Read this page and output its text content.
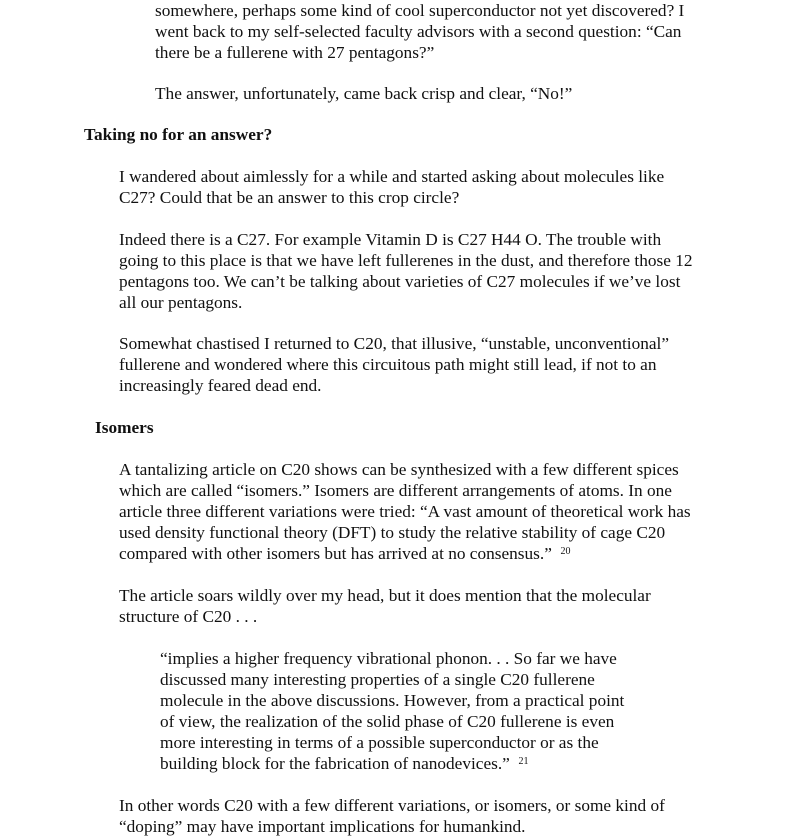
somewhere, perhaps some kind of cool superconductor not yet discovered? I
went back to my self-selected faculty advisors with a second question: “Can
there be a fullerene with 27 pentagons?”
The answer, unfortunately, came back crisp and clear, “No!”
Taking no for an answer?
I wandered about aimlessly for a while and started asking about molecules like
C27? Could that be an answer to this crop circle?
Indeed there is a C27. For example Vitamin D is C27 H44 O. The trouble with
going to this place is that we have left fullerenes in the dust, and therefore those 12
pentagons too. We can’t be talking about varieties of C27 molecules if we’ve lost
all our pentagons.
Somewhat chastised I returned to C20, that illusive, “unstable, unconventional”
fullerene and wondered where this circuitous path might still lead, if not to an
increasingly feared dead end.
Isomers
A tantalizing article on C20 shows can be synthesized with a few different spices
which are called “isomers.” Isomers are different arrangements of atoms. In one
article three different variations were tried: “A vast amount of theoretical work has
used density functional theory (DFT) to study the relative stability of cage C20
compared with other isomers but has arrived at no consensus.” $^{20}$
The article soars wildly over my head, but it does mention that the molecular
structure of C20 . . .
“implies a higher frequency vibrational phonon. . . So far we have
discussed many interesting properties of a single C20 fullerene
molecule in the above discussions. However, from a practical point
of view, the realization of the solid phase of C20 fullerene is even
more interesting in terms of a possible superconductor or as the
building block for the fabrication of nanodevices.” $^{21}$
In other words C20 with a few different variations, or isomers, or some kind of
“doping” may have important implications for humankind.
